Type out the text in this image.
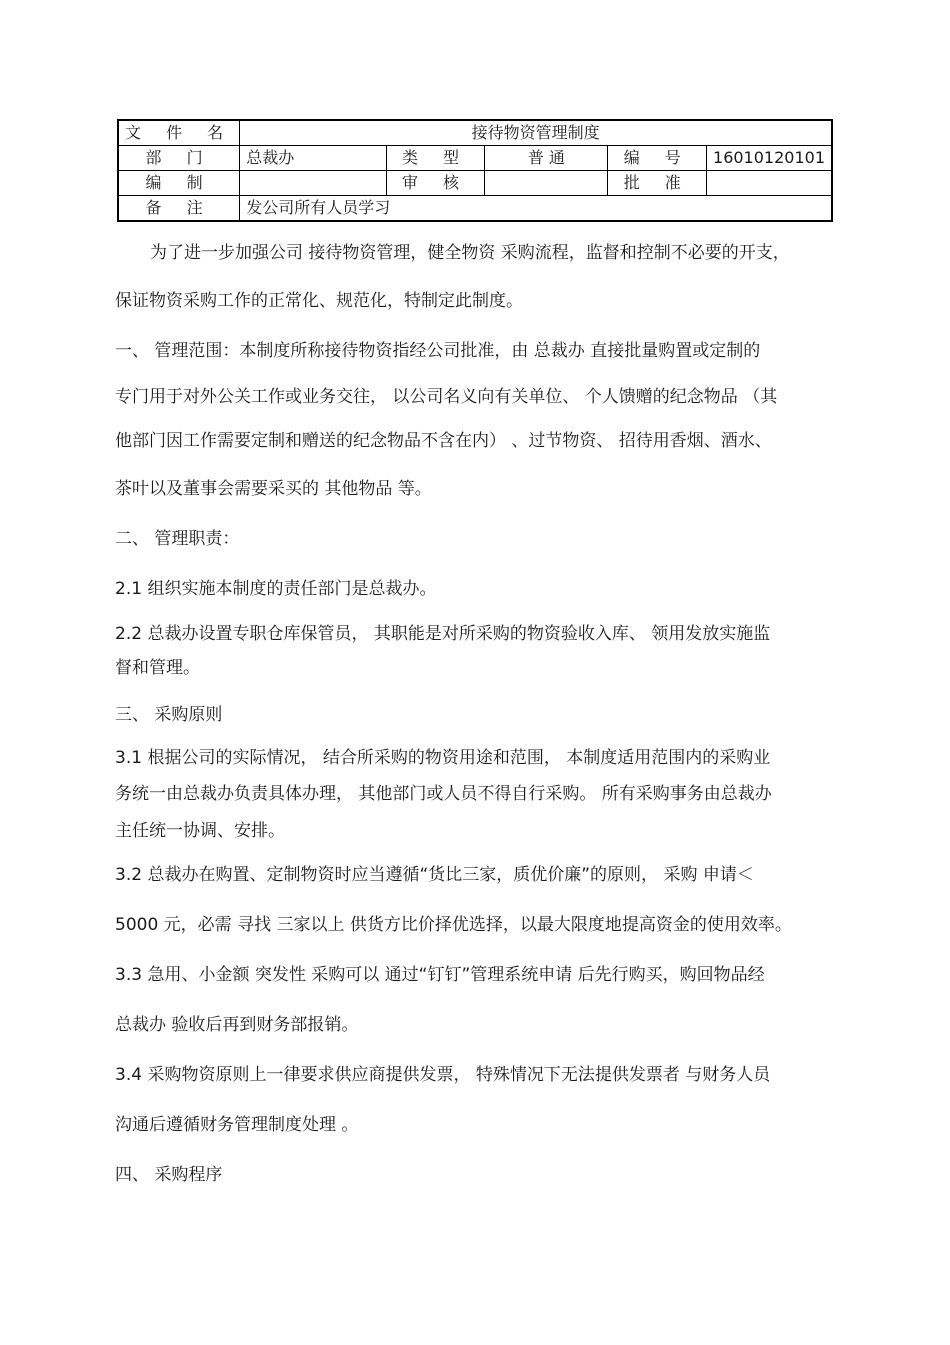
文 件 名	接待物资管理制度				
部 门	总裁办	类 型	普 通	编 号	16010120101
编 制		审 核		批 准	
备 注	发公司所有人员学习				

为了进一步加强公司 接待物资管理，健全物资 采购流程，监督和控制不必要的开支，

保证物资采购工作的正常化、规范化，特制定此制度。

一、 管理范围：本制度所称接待物资指经公司批准，由 总裁办 直接批量购置或定制的

专门用于对外公关工作或业务交往， 以公司名义向有关单位、 个人馈赠的纪念物品 （其

他部门因工作需要定制和赠送的纪念物品不含在内） 、过节物资、 招待用香烟、酒水、

茶叶以及董事会需要采买的 其他物品 等。

二、 管理职责：

2.1 组织实施本制度的责任部门是总裁办。

2.2 总裁办设置专职仓库保管员， 其职能是对所采购的物资验收入库、 领用发放实施监

督和管理。

三、 采购原则

3.1 根据公司的实际情况， 结合所采购的物资用途和范围， 本制度适用范围内的采购业

务统一由总裁办负责具体办理， 其他部门或人员不得自行采购。 所有采购事务由总裁办

主任统一协调、安排。

3.2 总裁办在购置、定制物资时应当遵循“货比三家，质优价廉”的原则， 采购 申请＜

5000 元，必需 寻找 三家以上 供货方比价择优选择，以最大限度地提高资金的使用效率。

3.3 急用、小金额 突发性 采购可以 通过“钉钉”管理系统申请 后先行购买，购回物品经

总裁办 验收后再到财务部报销。

3.4 采购物资原则上一律要求供应商提供发票， 特殊情况下无法提供发票者 与财务人员

沟通后遵循财务管理制度处理 。

四、 采购程序
